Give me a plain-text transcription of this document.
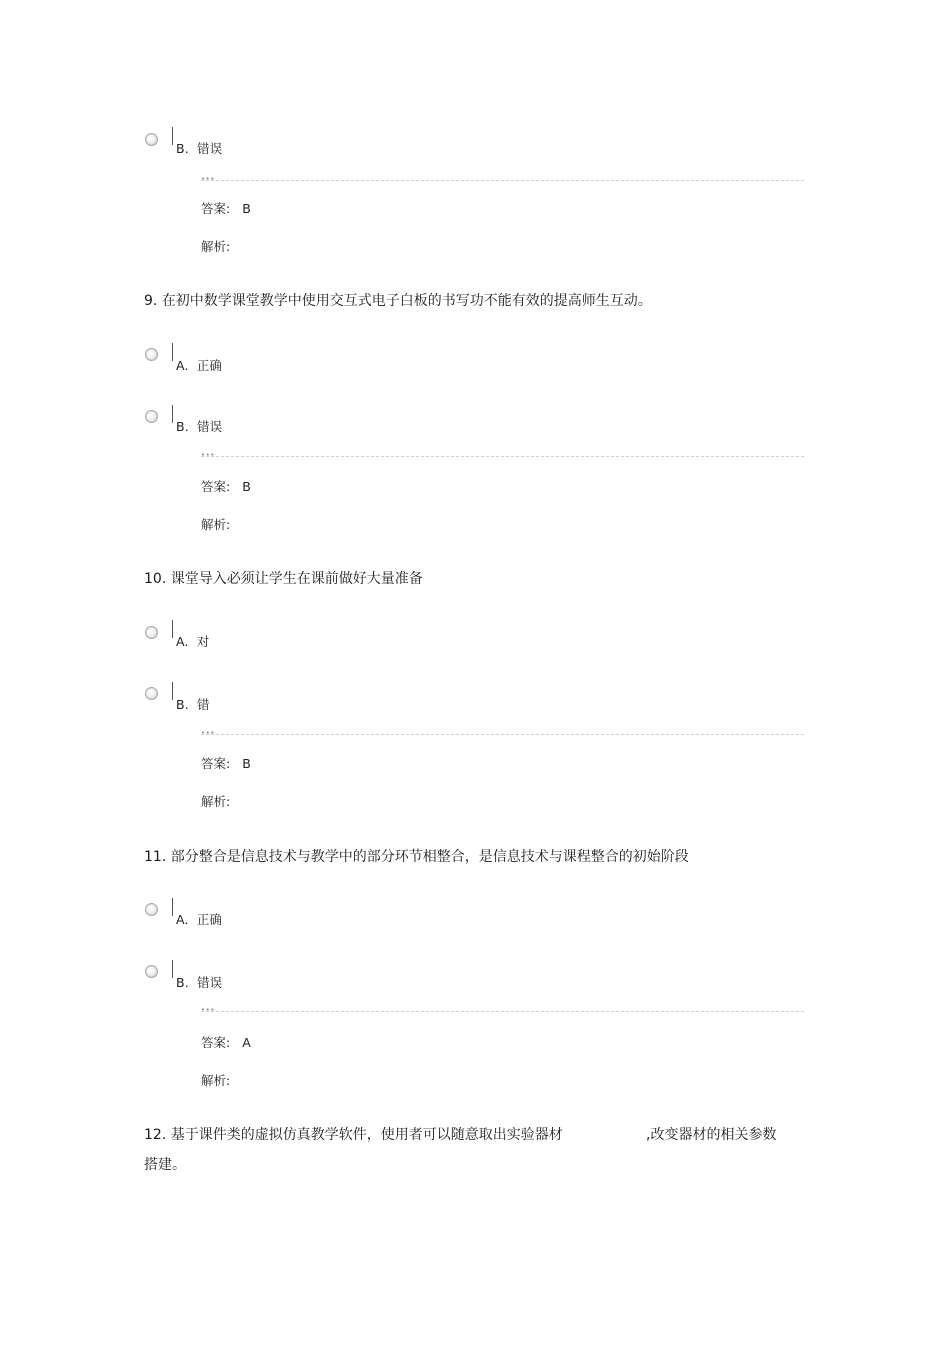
B. 错误
•••
答案: B
解析:
9. 在初中数学课堂教学中使用交互式电子白板的书写功不能有效的提高师生互动。
A. 正确
B. 错误
•••
答案: B
解析:
10. 课堂导入必须让学生在课前做好大量准备
A. 对
B. 错
•••
答案: B
解析:
11. 部分整合是信息技术与教学中的部分环节相整合，是信息技术与课程整合的初始阶段
A. 正确
B. 错误
•••
答案: A
解析:
12. 基于课件类的虚拟仿真教学软件，使用者可以随意取出实验器材	,改变器材的相关参数
搭建。
